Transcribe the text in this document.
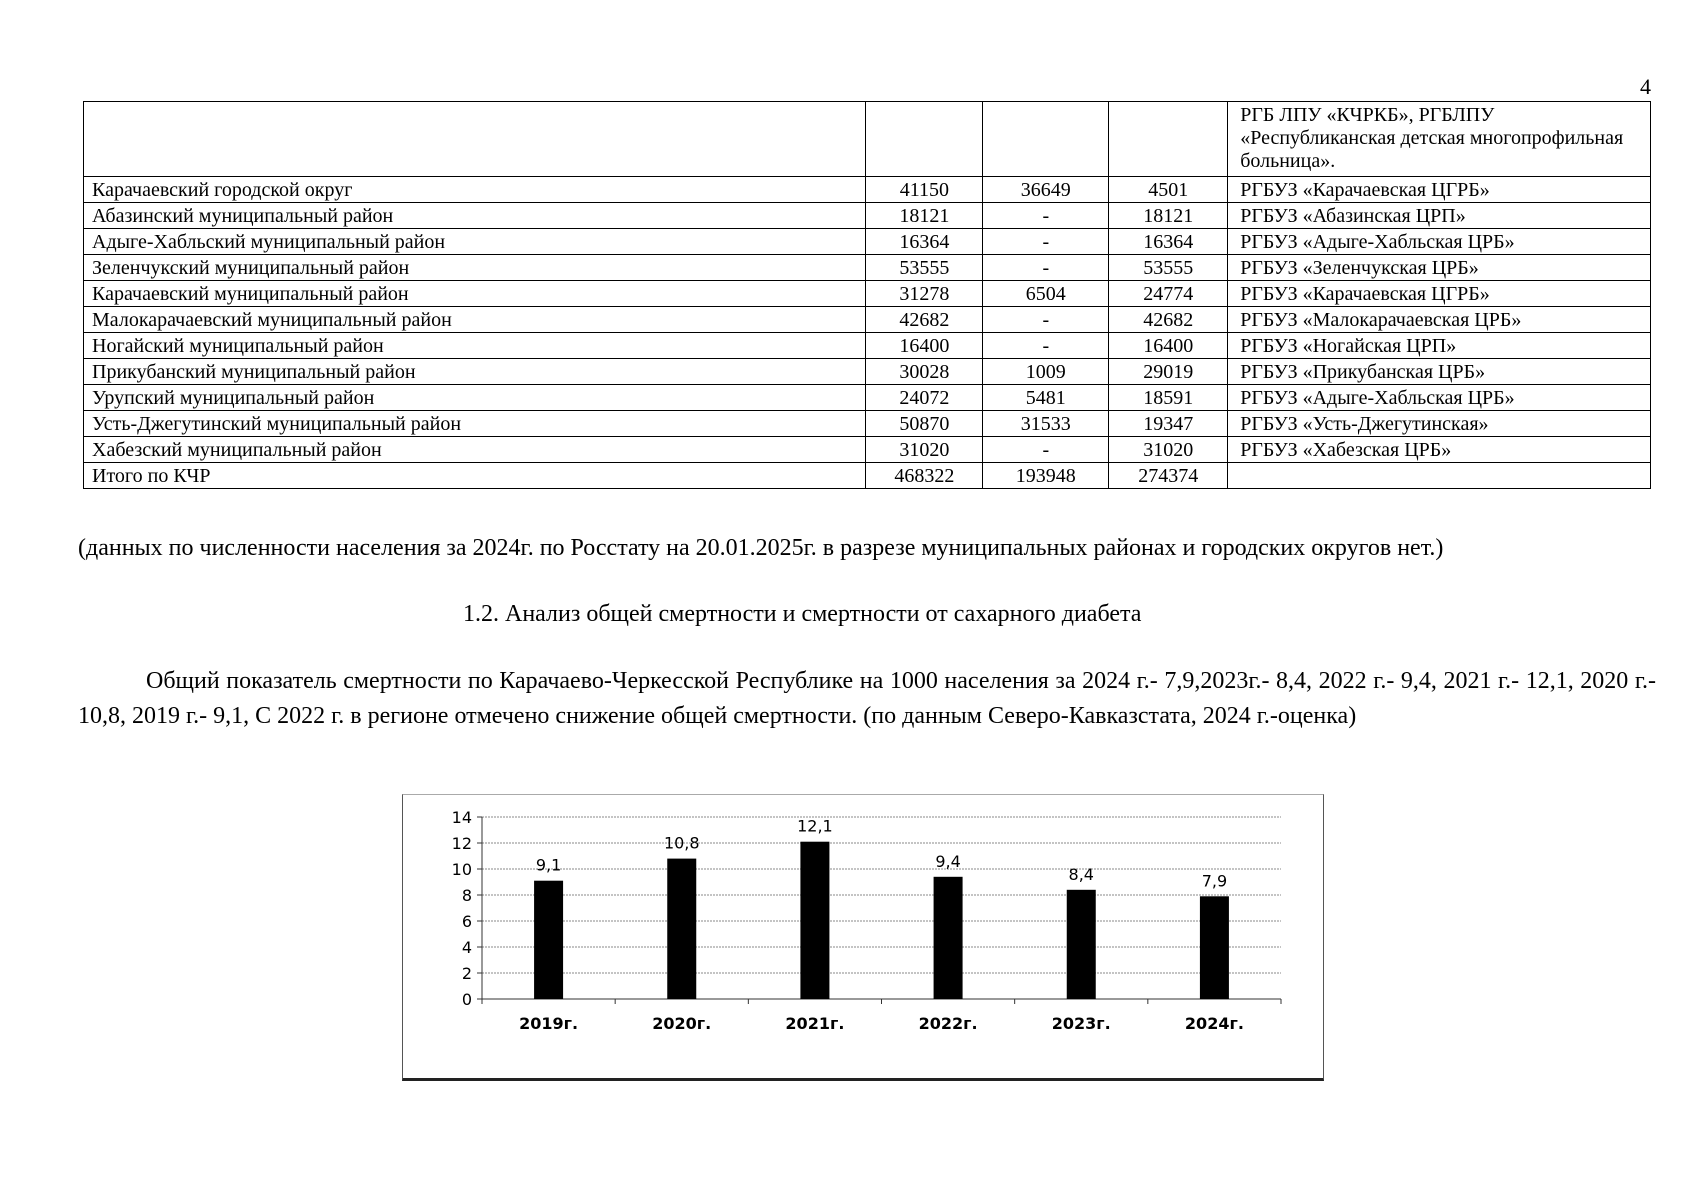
4
				РГБ ЛПУ «КЧРКБ», РГБЛПУ «Республиканская детская многопрофильная больница».
Карачаевский городской округ	41150	36649	4501	РГБУЗ «Карачаевская ЦГРБ»
Абазинский муниципальный район	18121	-	18121	РГБУЗ «Абазинская ЦРП»
Адыге-Хабльский муниципальный район	16364	-	16364	РГБУЗ «Адыге-Хабльская ЦРБ»
Зеленчукский муниципальный район	53555	-	53555	РГБУЗ «Зеленчукская ЦРБ»
Карачаевский муниципальный район	31278	6504	24774	РГБУЗ «Карачаевская ЦГРБ»
Малокарачаевский муниципальный район	42682	-	42682	РГБУЗ «Малокарачаевская ЦРБ»
Ногайский муниципальный район	16400	-	16400	РГБУЗ «Ногайская ЦРП»
Прикубанский муниципальный район	30028	1009	29019	РГБУЗ «Прикубанская ЦРБ»
Урупский муниципальный район	24072	5481	18591	РГБУЗ «Адыге-Хабльская ЦРБ»
Усть-Джегутинский муниципальный район	50870	31533	19347	РГБУЗ «Усть-Джегутинская»
Хабезский муниципальный район	31020	-	31020	РГБУЗ «Хабезская ЦРБ»
Итого по КЧР	468322	193948	274374	

(данных по численности населения за 2024г. по Росстату на 20.01.2025г. в разрезе муниципальных районах и городских округов нет.)

1.2. Анализ общей смертности и смертности от сахарного диабета

Общий показатель смертности по Карачаево-Черкесской Республике на 1000 населения за 2024 г.- 7,9,2023г.- 8,4, 2022 г.- 9,4, 2021 г.- 12,1, 2020 г.- 10,8, 2019 г.- 9,1, С 2022 г. в регионе отмечено снижение общей смертности. (по данным Северо-Кавказстата, 2024 г.-оценка)

0
2
4
6
8
10
12
14
9,1
2019г.
10,8
2020г.
12,1
2021г.
9,4
2022г.
8,4
2023г.
7,9
2024г.
